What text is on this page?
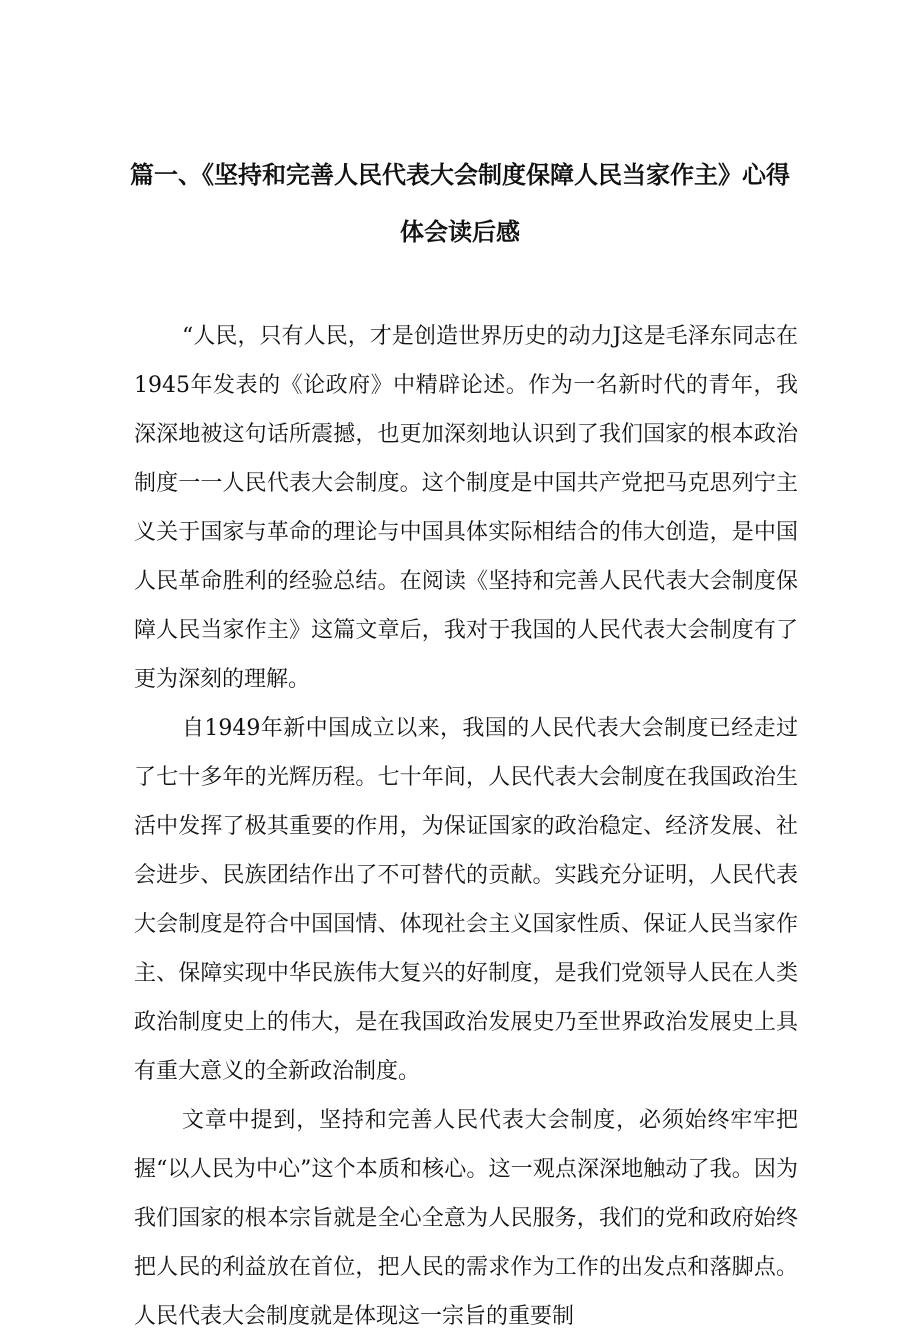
篇一、《坚持和完善人民代表大会制度保障人民当家作主》心得
体会读后感

“人民，只有人民，才是创造世界历史的动力J这是毛泽东同志在1945年发表的《论政府》中精辟论述。作为一名新时代的青年，我深深地被这句话所震撼，也更加深刻地认识到了我们国家的根本政治制度一一人民代表大会制度。这个制度是中国共产党把马克思列宁主义关于国家与革命的理论与中国具体实际相结合的伟大创造，是中国人民革命胜利的经验总结。在阅读《坚持和完善人民代表大会制度保障人民当家作主》这篇文章后，我对于我国的人民代表大会制度有了更为深刻的理解。

自1949年新中国成立以来，我国的人民代表大会制度已经走过了七十多年的光辉历程。七十年间，人民代表大会制度在我国政治生活中发挥了极其重要的作用，为保证国家的政治稳定、经济发展、社会进步、民族团结作出了不可替代的贡献。实践充分证明，人民代表大会制度是符合中国国情、体现社会主义国家性质、保证人民当家作主、保障实现中华民族伟大复兴的好制度，是我们党领导人民在人类政治制度史上的伟大，是在我国政治发展史乃至世界政治发展史上具有重大意义的全新政治制度。

文章中提到，坚持和完善人民代表大会制度，必须始终牢牢把握“以人民为中心”这个本质和核心。这一观点深深地触动了我。因为我们国家的根本宗旨就是全心全意为人民服务，我们的党和政府始终把人民的利益放在首位，把人民的需求作为工作的出发点和落脚点。人民代表大会制度就是体现这一宗旨的重要制
